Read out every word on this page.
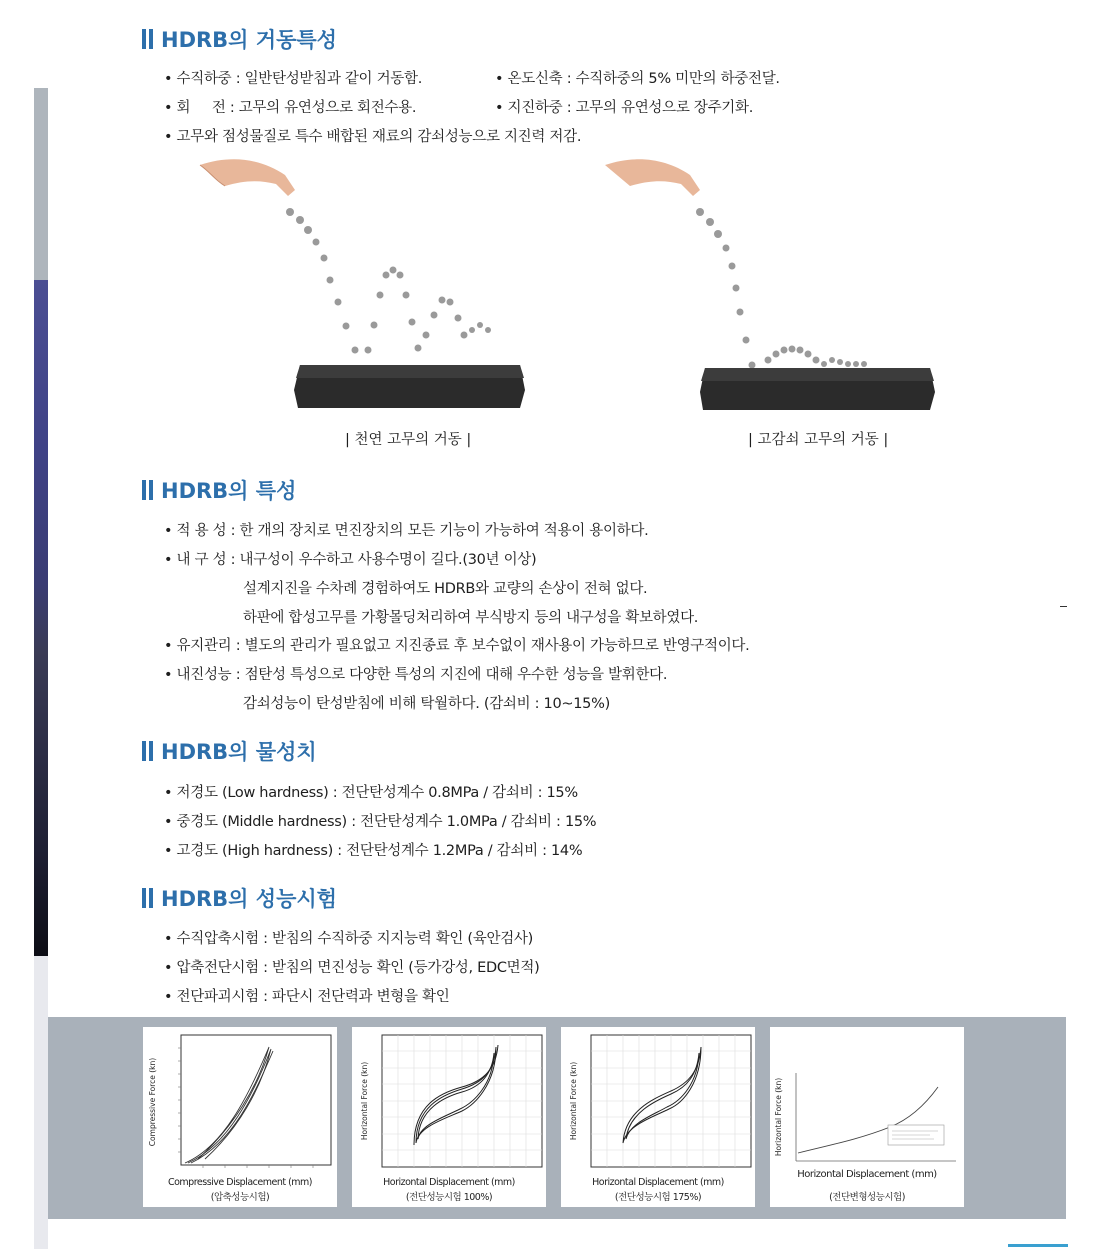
HDRB의 거동특성
• 수직하중 : 일반탄성받침과 같이 거동함.	• 온도신축 : 수직하중의 5% 미만의 하중전달.
• 회     전 : 고무의 유연성으로 회전수용.	• 지진하중 : 고무의 유연성으로 장주기화.
• 고무와 점성물질로 특수 배합된 재료의 감쇠성능으로 지진력 저감.
| 천연 고무의 거동 |	| 고감쇠 고무의 거동 |
HDRB의 특성
• 적 용 성 : 한 개의 장치로 면진장치의 모든 기능이 가능하여 적용이 용이하다.
• 내 구 성 : 내구성이 우수하고 사용수명이 길다.(30년 이상)
설계지진을 수차례 경험하여도 HDRB와 교량의 손상이 전혀 없다.
하판에 합성고무를 가황몰딩처리하여 부식방지 등의 내구성을 확보하였다.
• 유지관리 : 별도의 관리가 필요없고 지진종료 후 보수없이 재사용이 가능하므로 반영구적이다.
• 내진성능 : 점탄성 특성으로 다양한 특성의 지진에 대해 우수한 성능을 발휘한다.
감쇠성능이 탄성받침에 비해 탁월하다. (감쇠비 : 10~15%)
HDRB의 물성치
• 저경도 (Low hardness) : 전단탄성계수 0.8MPa / 감쇠비 : 15%
• 중경도 (Middle hardness) : 전단탄성계수 1.0MPa / 감쇠비 : 15%
• 고경도 (High hardness) : 전단탄성계수 1.2MPa / 감쇠비 : 14%
HDRB의 성능시험
• 수직압축시험 : 받침의 수직하중 지지능력 확인 (육안검사)
• 압축전단시험 : 받침의 면진성능 확인 (등가강성, EDC면적)
• 전단파괴시험 : 파단시 전단력과 변형을 확인
Compressive Force (kn)
Compressive Displacement (mm)
(압축성능시험)
Horizontal Force (kn)
Horizontal Displacement (mm)
(전단성능시험 100%)
Horizontal Force (kn)
Horizontal Displacement (mm)
(전단성능시험 175%)
Horizontal Force (kn)
Horizontal Displacement (mm)
(전단변형성능시험)
